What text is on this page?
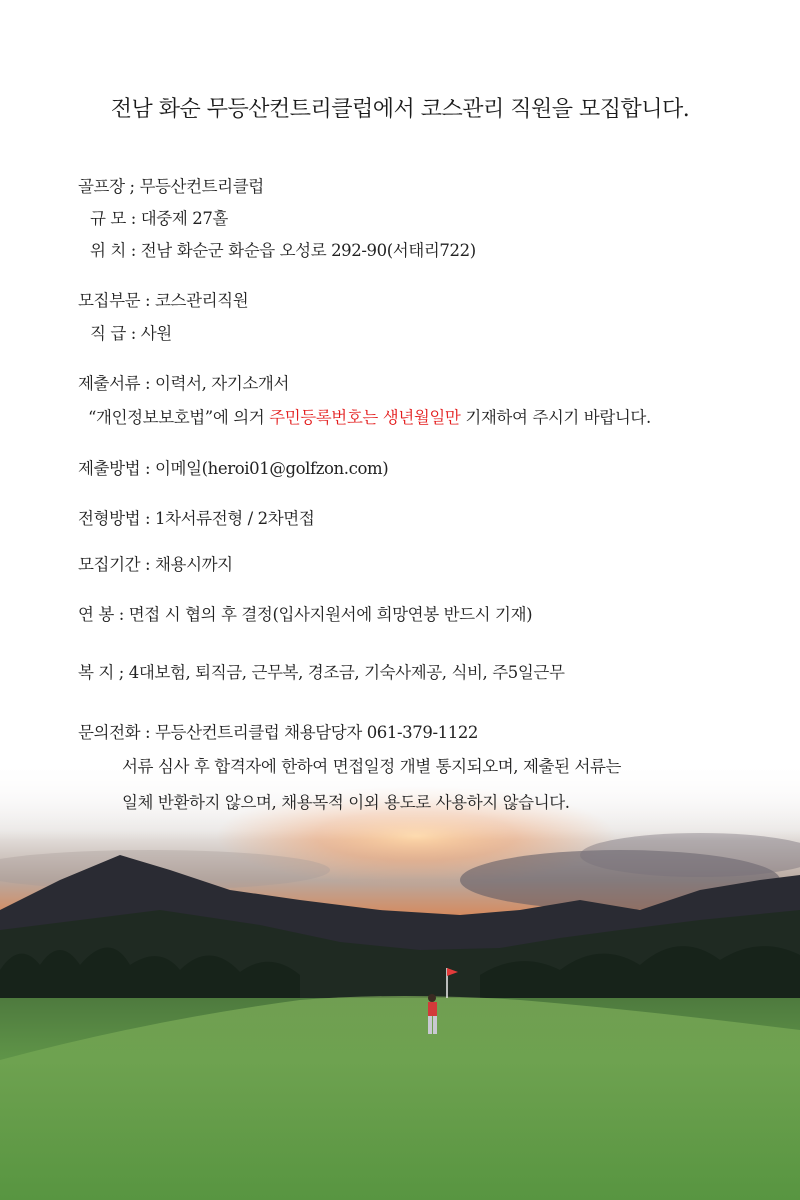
전남 화순 무등산컨트리클럽에서 코스관리 직원을 모집합니다.
골프장 ; 무등산컨트리클럽
규 모 : 대중제 27홀
위 치 : 전남 화순군 화순읍 오성로 292-90(서태리722)
모집부문 : 코스관리직원
직 급 : 사원
제출서류 : 이력서, 자기소개서
“개인정보보호법”에 의거 주민등록번호는 생년월일만 기재하여 주시기 바랍니다.
제출방법 : 이메일(heroi01@golfzon.com)
전형방법 : 1차서류전형 / 2차면접
모집기간 : 채용시까지
연 봉 : 면접 시 협의 후 결정(입사지원서에 희망연봉 반드시 기재)
복 지 ; 4대보험, 퇴직금, 근무복, 경조금, 기숙사제공, 식비, 주5일근무
문의전화 : 무등산컨트리클럽 채용담당자 061-379-1122
서류 심사 후 합격자에 한하여 면접일정 개별 통지되오며, 제출된 서류는
일체 반환하지 않으며, 채용목적 이외 용도로 사용하지 않습니다.
